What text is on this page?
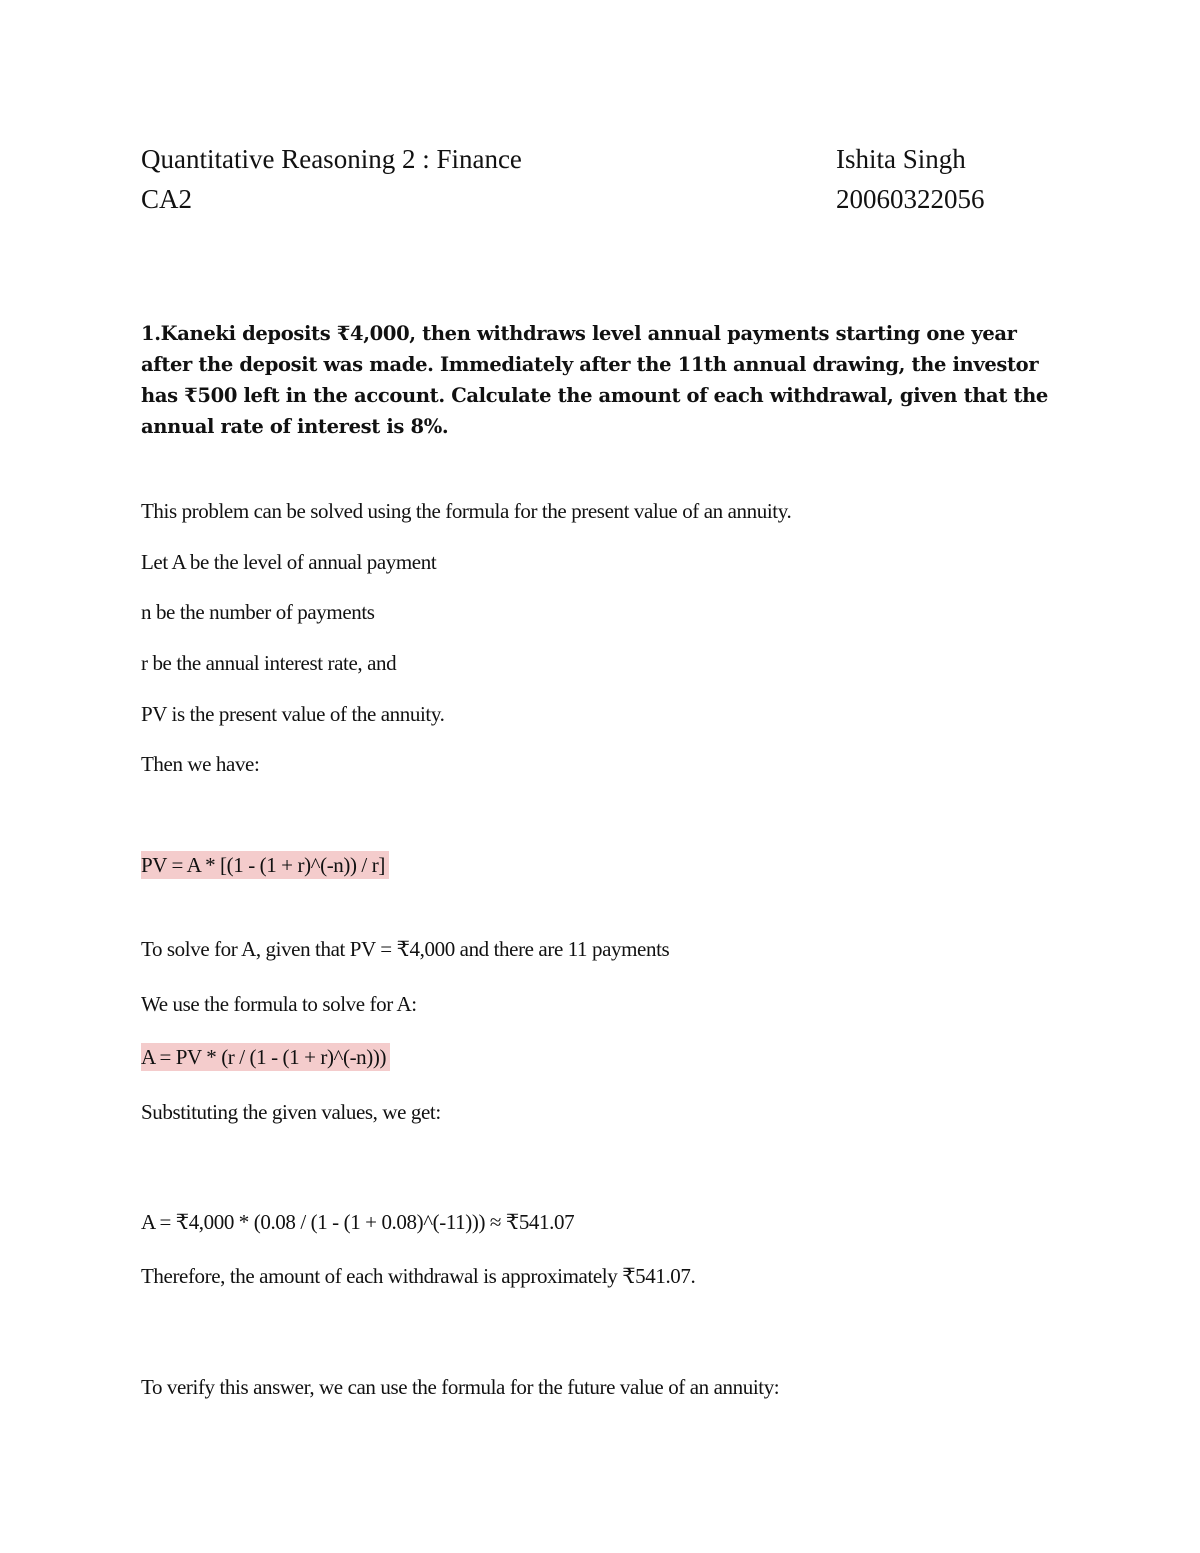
Quantitative Reasoning 2 : Finance
CA2
Ishita Singh
20060322056
1.Kaneki deposits ₹4,000, then withdraws level annual payments starting one year after the deposit was made. Immediately after the 11th annual drawing, the investor has ₹500 left in the account. Calculate the amount of each withdrawal, given that the annual rate of interest is 8%.
This problem can be solved using the formula for the present value of an annuity.
Let A be the level of annual payment
n be the number of payments
r be the annual interest rate, and
PV is the present value of the annuity.
Then we have:
PV = A * [(1 - (1 + r)^(-n)) / r]
To solve for A, given that PV = ₹4,000 and there are 11 payments
We use the formula to solve for A:
A = PV * (r / (1 - (1 + r)^(-n)))
Substituting the given values, we get:
A = ₹4,000 * (0.08 / (1 - (1 + 0.08)^(-11))) ≈ ₹541.07
Therefore, the amount of each withdrawal is approximately ₹541.07.
To verify this answer, we can use the formula for the future value of an annuity:
